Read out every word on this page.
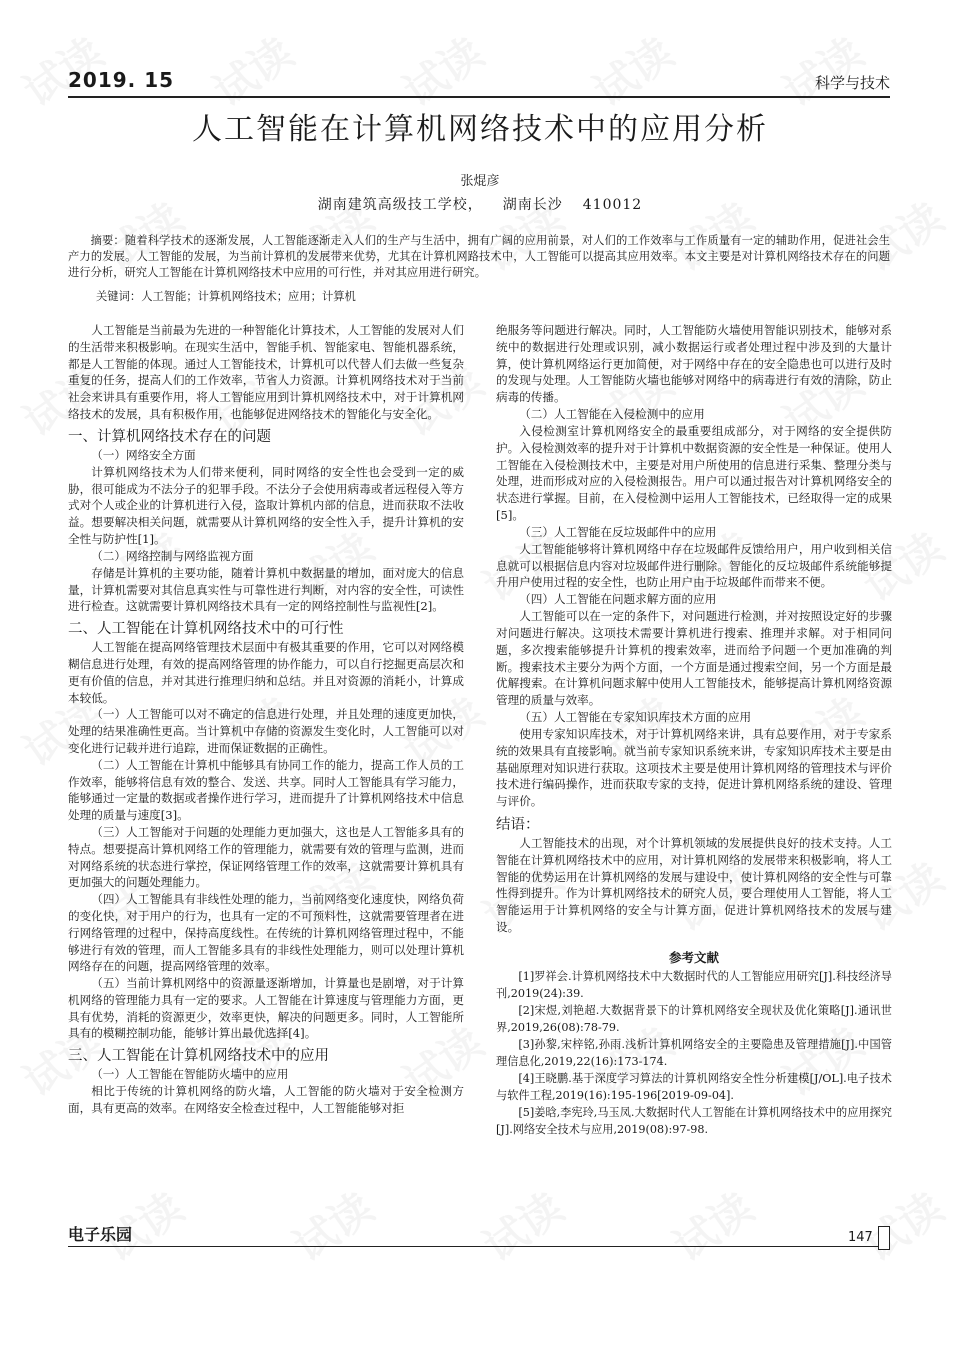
2019. 15	科学与技术
人工智能在计算机网络技术中的应用分析
张焜彦
湖南建筑高级技工学校， 湖南长沙 410012
摘要：随着科学技术的逐渐发展，人工智能逐渐走入人们的生产与生活中，拥有广阔的应用前景，对人们的工作效率与工作质量有一定的辅助作用，促进社会生产力的发展。人工智能的发展，为当前计算机的发展带来优势，尤其在计算机网路技术中，人工智能可以提高其应用效率。本文主要是对计算机网络技术存在的问题进行分析，研究人工智能在计算机网络技术中应用的可行性，并对其应用进行研究。
关键词：人工智能；计算机网络技术；应用；计算机

人工智能是当前最为先进的一种智能化计算技术，人工智能的发展对人们的生活带来积极影响。在现实生活中，智能手机、智能家电、智能机器系统，都是人工智能的体现。通过人工智能技术，计算机可以代替人们去做一些复杂重复的任务，提高人们的工作效率，节省人力资源。计算机网络技术对于当前社会来讲具有重要作用，将人工智能应用到计算机网络技术中，对于计算机网络技术的发展，具有积极作用，也能够促进网络技术的智能化与安全化。

一、计算机网络技术存在的问题
（一）网络安全方面

计算机网络技术为人们带来便利，同时网络的安全性也会受到一定的威胁，很可能成为不法分子的犯罪手段。不法分子会使用病毒或者远程侵入等方式对个人或企业的计算机进行入侵，盗取计算机内部的信息，进而获取不法收益。想要解决相关问题，就需要从计算机网络的安全性入手，提升计算机的安全性与防护性[1]。

（二）网络控制与网络监视方面

存储是计算机的主要功能，随着计算机中数据量的增加，面对庞大的信息量，计算机需要对其信息真实性与可靠性进行判断，对内容的安全性，可读性进行检查。这就需要计算机网络技术具有一定的网络控制性与监视性[2]。

二、人工智能在计算机网络技术中的可行性

人工智能在提高网络管理技术层面中有极其重要的作用，它可以对网络模糊信息进行处理，有效的提高网络管理的协作能力，可以自行挖掘更高层次和更有价值的信息，并对其进行推理归纳和总结。并且对资源的消耗小，计算成本较低。

（一）人工智能可以对不确定的信息进行处理，并且处理的速度更加快，处理的结果准确性更高。当计算机中存储的资源发生变化时，人工智能可以对变化进行记载并进行追踪，进而保证数据的正确性。

（二）人工智能在计算机中能够具有协同工作的能力，提高工作人员的工作效率，能够将信息有效的整合、发送、共享。同时人工智能具有学习能力，能够通过一定量的数据或者操作进行学习，进而提升了计算机网络技术中信息处理的质量与速度[3]。

（三）人工智能对于问题的处理能力更加强大，这也是人工智能多具有的特点。想要提高计算机网络工作的管理能力，就需要有效的管理与监测，进而对网络系统的状态进行掌控，保证网络管理工作的效率，这就需要计算机具有更加强大的问题处理能力。

（四）人工智能具有非线性处理的能力，当前网络变化速度快，网络负荷的变化快，对于用户的行为，也具有一定的不可预料性，这就需要管理者在进行网络管理的过程中，保持高度线性。在传统的计算机网络管理过程中，不能够进行有效的管理，而人工智能多具有的非线性处理能力，则可以处理计算机网络存在的问题，提高网络管理的效率。

（五）当前计算机网络中的资源量逐渐增加，计算量也是剧增，对于计算机网络的管理能力具有一定的要求。人工智能在计算速度与管理能力方面，更具有优势，消耗的资源更少，效率更快，解决的问题更多。同时，人工智能所具有的模糊控制功能，能够计算出最优选择[4]。

三、人工智能在计算机网络技术中的应用
（一）人工智能在智能防火墙中的应用

相比于传统的计算机网络的防火墙，人工智能的防火墙对于安全检测方面，具有更高的效率。在网络安全检查过程中，人工智能能够对拒

绝服务等问题进行解决。同时，人工智能防火墙使用智能识别技术，能够对系统中的数据进行处理或识别，减小数据运行或者处理过程中涉及到的大量计算，使计算机网络运行更加简便，对于网络中存在的安全隐患也可以进行及时的发现与处理。人工智能防火墙也能够对网络中的病毒进行有效的清除，防止病毒的传播。

（二）人工智能在入侵检测中的应用

入侵检测室计算机网络安全的最重要组成部分，对于网络的安全提供防护。入侵检测效率的提升对于计算机中数据资源的安全性是一种保证。使用人工智能在入侵检测技术中，主要是对用户所使用的信息进行采集、整理分类与处理，进而形成对应的入侵检测报告。用户可以通过报告对计算机网络安全的状态进行掌握。目前，在入侵检测中运用人工智能技术，已经取得一定的成果[5]。

（三）人工智能在反垃圾邮件中的应用

人工智能能够将计算机网络中存在垃圾邮件反馈给用户，用户收到相关信息就可以根据信息内容对垃圾邮件进行删除。智能化的反垃圾邮件系统能够提升用户使用过程的安全性，也防止用户由于垃圾邮件而带来不便。

（四）人工智能在问题求解方面的应用

人工智能可以在一定的条件下，对问题进行检测，并对按照设定好的步骤对问题进行解决。这项技术需要计算机进行搜索、推理并求解。对于相同问题，多次搜索能够提升计算机的搜索效率，进而给予问题一个更加准确的判断。搜索技术主要分为两个方面，一个方面是通过搜索空间，另一个方面是最优解搜索。在计算机问题求解中使用人工智能技术，能够提高计算机网络资源管理的质量与效率。

（五）人工智能在专家知识库技术方面的应用

使用专家知识库技术，对于计算机网络来讲，具有总要作用，对于专家系统的效果具有直接影响。就当前专家知识系统来讲，专家知识库技术主要是由基础原理对知识进行获取。这项技术主要是使用计算机网络的管理技术与评价技术进行编码操作，进而获取专家的支持，促进计算机网络系统的建设、管理与评价。

结语：

人工智能技术的出现，对个计算机领域的发展提供良好的技术支持。人工智能在计算机网络技术中的应用，对计算机网络的发展带来积极影响，将人工智能的优势运用在计算机网络的发展与建设中，使计算机网络的安全性与可靠性得到提升。作为计算机网络技术的研究人员，要合理使用人工智能，将人工智能运用于计算机网络的安全与计算方面，促进计算机网络技术的发展与建设。

参考文献
[1]罗祥会.计算机网络技术中大数据时代的人工智能应用研究[J].科技经济导刊,2019(24):39.
[2]宋煜,刘艳超.大数据背景下的计算机网络安全现状及优化策略[J].通讯世界,2019,26(08):78-79.
[3]孙黎,宋梓铭,孙雨.浅析计算机网络安全的主要隐患及管理措施[J].中国管理信息化,2019,22(16):173-174.
[4]王晓鹏.基于深度学习算法的计算机网络安全性分析建模[J/OL].电子技术与软件工程,2019(16):195-196[2019-09-04].
[5]姜晗,李宪玲,马玉凤.大数据时代人工智能在计算机网络技术中的应用探究[J].网络安全技术与应用,2019(08):97-98.
电子乐园	147
